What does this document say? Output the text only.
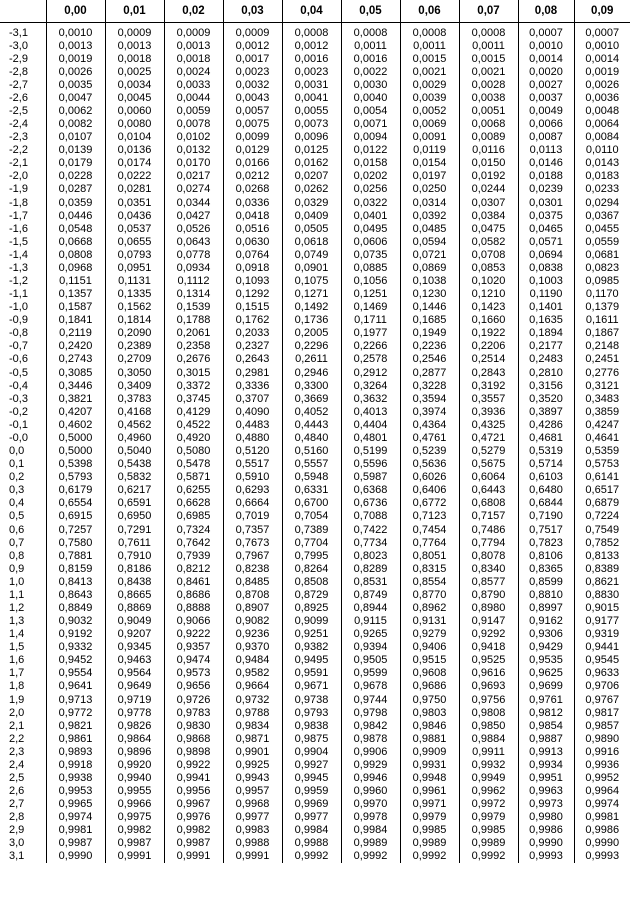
	0,00	0,01	0,02	0,03	0,04	0,05	0,06	0,07	0,08	0,09
-3,1	0,0010	0,0009	0,0009	0,0009	0,0008	0,0008	0,0008	0,0008	0,0007	0,0007
-3,0	0,0013	0,0013	0,0013	0,0012	0,0012	0,0011	0,0011	0,0011	0,0010	0,0010
-2,9	0,0019	0,0018	0,0018	0,0017	0,0016	0,0016	0,0015	0,0015	0,0014	0,0014
-2,8	0,0026	0,0025	0,0024	0,0023	0,0023	0,0022	0,0021	0,0021	0,0020	0,0019
-2,7	0,0035	0,0034	0,0033	0,0032	0,0031	0,0030	0,0029	0,0028	0,0027	0,0026
-2,6	0,0047	0,0045	0,0044	0,0043	0,0041	0,0040	0,0039	0,0038	0,0037	0,0036
-2,5	0,0062	0,0060	0,0059	0,0057	0,0055	0,0054	0,0052	0,0051	0,0049	0,0048
-2,4	0,0082	0,0080	0,0078	0,0075	0,0073	0,0071	0,0069	0,0068	0,0066	0,0064
-2,3	0,0107	0,0104	0,0102	0,0099	0,0096	0,0094	0,0091	0,0089	0,0087	0,0084
-2,2	0,0139	0,0136	0,0132	0,0129	0,0125	0,0122	0,0119	0,0116	0,0113	0,0110
-2,1	0,0179	0,0174	0,0170	0,0166	0,0162	0,0158	0,0154	0,0150	0,0146	0,0143
-2,0	0,0228	0,0222	0,0217	0,0212	0,0207	0,0202	0,0197	0,0192	0,0188	0,0183
-1,9	0,0287	0,0281	0,0274	0,0268	0,0262	0,0256	0,0250	0,0244	0,0239	0,0233
-1,8	0,0359	0,0351	0,0344	0,0336	0,0329	0,0322	0,0314	0,0307	0,0301	0,0294
-1,7	0,0446	0,0436	0,0427	0,0418	0,0409	0,0401	0,0392	0,0384	0,0375	0,0367
-1,6	0,0548	0,0537	0,0526	0,0516	0,0505	0,0495	0,0485	0,0475	0,0465	0,0455
-1,5	0,0668	0,0655	0,0643	0,0630	0,0618	0,0606	0,0594	0,0582	0,0571	0,0559
-1,4	0,0808	0,0793	0,0778	0,0764	0,0749	0,0735	0,0721	0,0708	0,0694	0,0681
-1,3	0,0968	0,0951	0,0934	0,0918	0,0901	0,0885	0,0869	0,0853	0,0838	0,0823
-1,2	0,1151	0,1131	0,1112	0,1093	0,1075	0,1056	0,1038	0,1020	0,1003	0,0985
-1,1	0,1357	0,1335	0,1314	0,1292	0,1271	0,1251	0,1230	0,1210	0,1190	0,1170
-1,0	0,1587	0,1562	0,1539	0,1515	0,1492	0,1469	0,1446	0,1423	0,1401	0,1379
-0,9	0,1841	0,1814	0,1788	0,1762	0,1736	0,1711	0,1685	0,1660	0,1635	0,1611
-0,8	0,2119	0,2090	0,2061	0,2033	0,2005	0,1977	0,1949	0,1922	0,1894	0,1867
-0,7	0,2420	0,2389	0,2358	0,2327	0,2296	0,2266	0,2236	0,2206	0,2177	0,2148
-0,6	0,2743	0,2709	0,2676	0,2643	0,2611	0,2578	0,2546	0,2514	0,2483	0,2451
-0,5	0,3085	0,3050	0,3015	0,2981	0,2946	0,2912	0,2877	0,2843	0,2810	0,2776
-0,4	0,3446	0,3409	0,3372	0,3336	0,3300	0,3264	0,3228	0,3192	0,3156	0,3121
-0,3	0,3821	0,3783	0,3745	0,3707	0,3669	0,3632	0,3594	0,3557	0,3520	0,3483
-0,2	0,4207	0,4168	0,4129	0,4090	0,4052	0,4013	0,3974	0,3936	0,3897	0,3859
-0,1	0,4602	0,4562	0,4522	0,4483	0,4443	0,4404	0,4364	0,4325	0,4286	0,4247
-0,0	0,5000	0,4960	0,4920	0,4880	0,4840	0,4801	0,4761	0,4721	0,4681	0,4641
0,0	0,5000	0,5040	0,5080	0,5120	0,5160	0,5199	0,5239	0,5279	0,5319	0,5359
0,1	0,5398	0,5438	0,5478	0,5517	0,5557	0,5596	0,5636	0,5675	0,5714	0,5753
0,2	0,5793	0,5832	0,5871	0,5910	0,5948	0,5987	0,6026	0,6064	0,6103	0,6141
0,3	0,6179	0,6217	0,6255	0,6293	0,6331	0,6368	0,6406	0,6443	0,6480	0,6517
0,4	0,6554	0,6591	0,6628	0,6664	0,6700	0,6736	0,6772	0,6808	0,6844	0,6879
0,5	0,6915	0,6950	0,6985	0,7019	0,7054	0,7088	0,7123	0,7157	0,7190	0,7224
0,6	0,7257	0,7291	0,7324	0,7357	0,7389	0,7422	0,7454	0,7486	0,7517	0,7549
0,7	0,7580	0,7611	0,7642	0,7673	0,7704	0,7734	0,7764	0,7794	0,7823	0,7852
0,8	0,7881	0,7910	0,7939	0,7967	0,7995	0,8023	0,8051	0,8078	0,8106	0,8133
0,9	0,8159	0,8186	0,8212	0,8238	0,8264	0,8289	0,8315	0,8340	0,8365	0,8389
1,0	0,8413	0,8438	0,8461	0,8485	0,8508	0,8531	0,8554	0,8577	0,8599	0,8621
1,1	0,8643	0,8665	0,8686	0,8708	0,8729	0,8749	0,8770	0,8790	0,8810	0,8830
1,2	0,8849	0,8869	0,8888	0,8907	0,8925	0,8944	0,8962	0,8980	0,8997	0,9015
1,3	0,9032	0,9049	0,9066	0,9082	0,9099	0,9115	0,9131	0,9147	0,9162	0,9177
1,4	0,9192	0,9207	0,9222	0,9236	0,9251	0,9265	0,9279	0,9292	0,9306	0,9319
1,5	0,9332	0,9345	0,9357	0,9370	0,9382	0,9394	0,9406	0,9418	0,9429	0,9441
1,6	0,9452	0,9463	0,9474	0,9484	0,9495	0,9505	0,9515	0,9525	0,9535	0,9545
1,7	0,9554	0,9564	0,9573	0,9582	0,9591	0,9599	0,9608	0,9616	0,9625	0,9633
1,8	0,9641	0,9649	0,9656	0,9664	0,9671	0,9678	0,9686	0,9693	0,9699	0,9706
1,9	0,9713	0,9719	0,9726	0,9732	0,9738	0,9744	0,9750	0,9756	0,9761	0,9767
2,0	0,9772	0,9778	0,9783	0,9788	0,9793	0,9798	0,9803	0,9808	0,9812	0,9817
2,1	0,9821	0,9826	0,9830	0,9834	0,9838	0,9842	0,9846	0,9850	0,9854	0,9857
2,2	0,9861	0,9864	0,9868	0,9871	0,9875	0,9878	0,9881	0,9884	0,9887	0,9890
2,3	0,9893	0,9896	0,9898	0,9901	0,9904	0,9906	0,9909	0,9911	0,9913	0,9916
2,4	0,9918	0,9920	0,9922	0,9925	0,9927	0,9929	0,9931	0,9932	0,9934	0,9936
2,5	0,9938	0,9940	0,9941	0,9943	0,9945	0,9946	0,9948	0,9949	0,9951	0,9952
2,6	0,9953	0,9955	0,9956	0,9957	0,9959	0,9960	0,9961	0,9962	0,9963	0,9964
2,7	0,9965	0,9966	0,9967	0,9968	0,9969	0,9970	0,9971	0,9972	0,9973	0,9974
2,8	0,9974	0,9975	0,9976	0,9977	0,9977	0,9978	0,9979	0,9979	0,9980	0,9981
2,9	0,9981	0,9982	0,9982	0,9983	0,9984	0,9984	0,9985	0,9985	0,9986	0,9986
3,0	0,9987	0,9987	0,9987	0,9988	0,9988	0,9989	0,9989	0,9989	0,9990	0,9990
3,1	0,9990	0,9991	0,9991	0,9991	0,9992	0,9992	0,9992	0,9992	0,9993	0,9993
